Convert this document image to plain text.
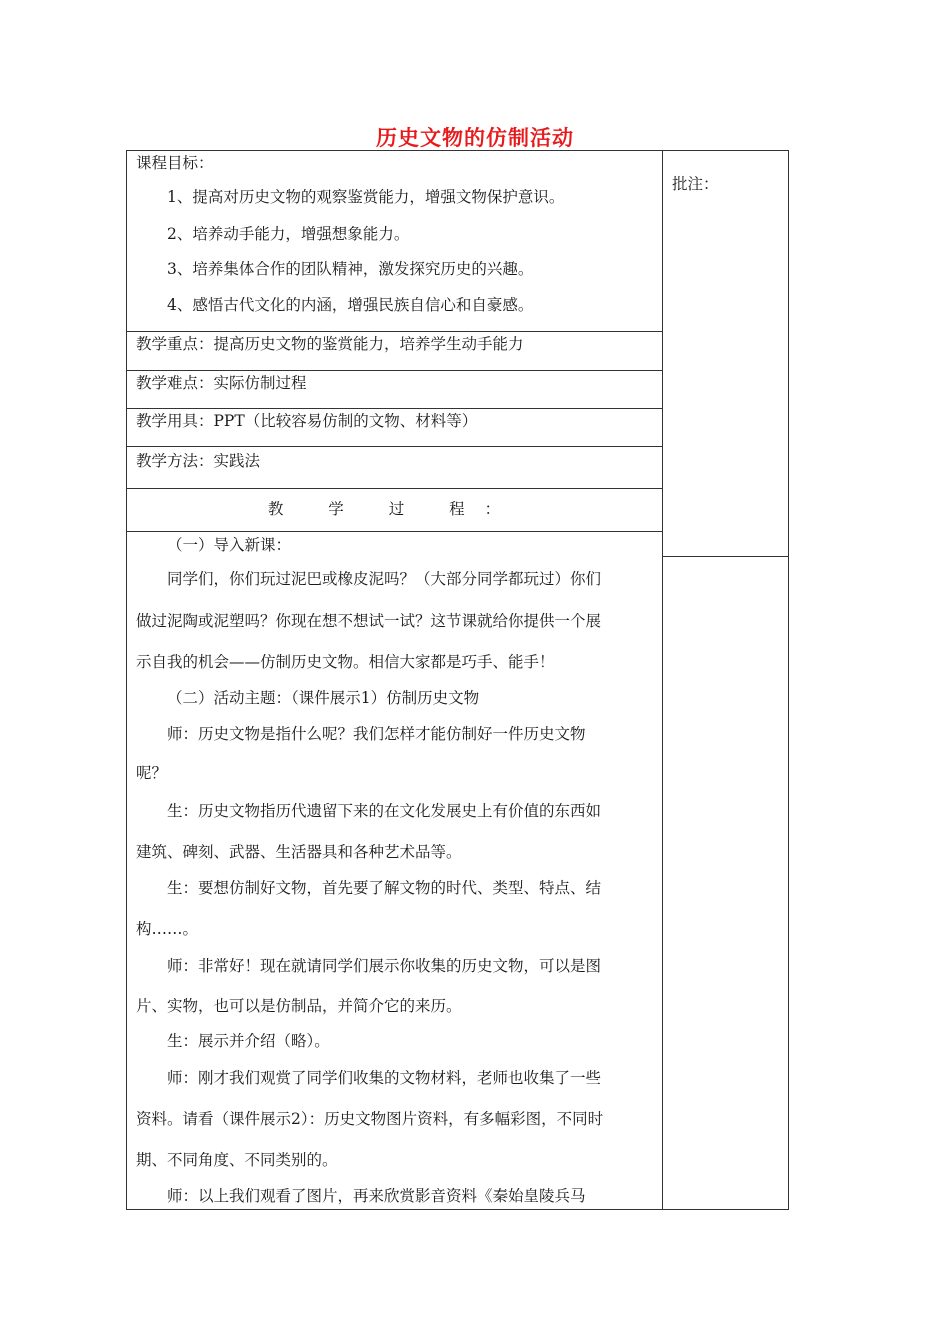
历史文物的仿制活动
批注：
课程目标：
1、提高对历史文物的观察鉴赏能力，增强文物保护意识。
2、培养动手能力，增强想象能力。
3、培养集体合作的团队精神，激发探究历史的兴趣。
4、感悟古代文化的内涵，增强民族自信心和自豪感。
教学重点：提高历史文物的鉴赏能力，培养学生动手能力
教学难点：实际仿制过程
教学用具：PPT（比较容易仿制的文物、材料等）
教学方法：实践法
教 学 过 程：
（一）导入新课：
同学们，你们玩过泥巴或橡皮泥吗？（大部分同学都玩过）你们
做过泥陶或泥塑吗？你现在想不想试一试？这节课就给你提供一个展
示自我的机会——仿制历史文物。相信大家都是巧手、能手！
（二）活动主题：（课件展示1）仿制历史文物
师：历史文物是指什么呢？我们怎样才能仿制好一件历史文物
呢？
生：历史文物指历代遗留下来的在文化发展史上有价值的东西如
建筑、碑刻、武器、生活器具和各种艺术品等。
生：要想仿制好文物，首先要了解文物的时代、类型、特点、结
构……。
师：非常好！现在就请同学们展示你收集的历史文物，可以是图
片、实物，也可以是仿制品，并简介它的来历。
生：展示并介绍（略）。
师：刚才我们观赏了同学们收集的文物材料，老师也收集了一些
资料。请看（课件展示2）：历史文物图片资料，有多幅彩图，不同时
期、不同角度、不同类别的。
师：以上我们观看了图片，再来欣赏影音资料《秦始皇陵兵马
